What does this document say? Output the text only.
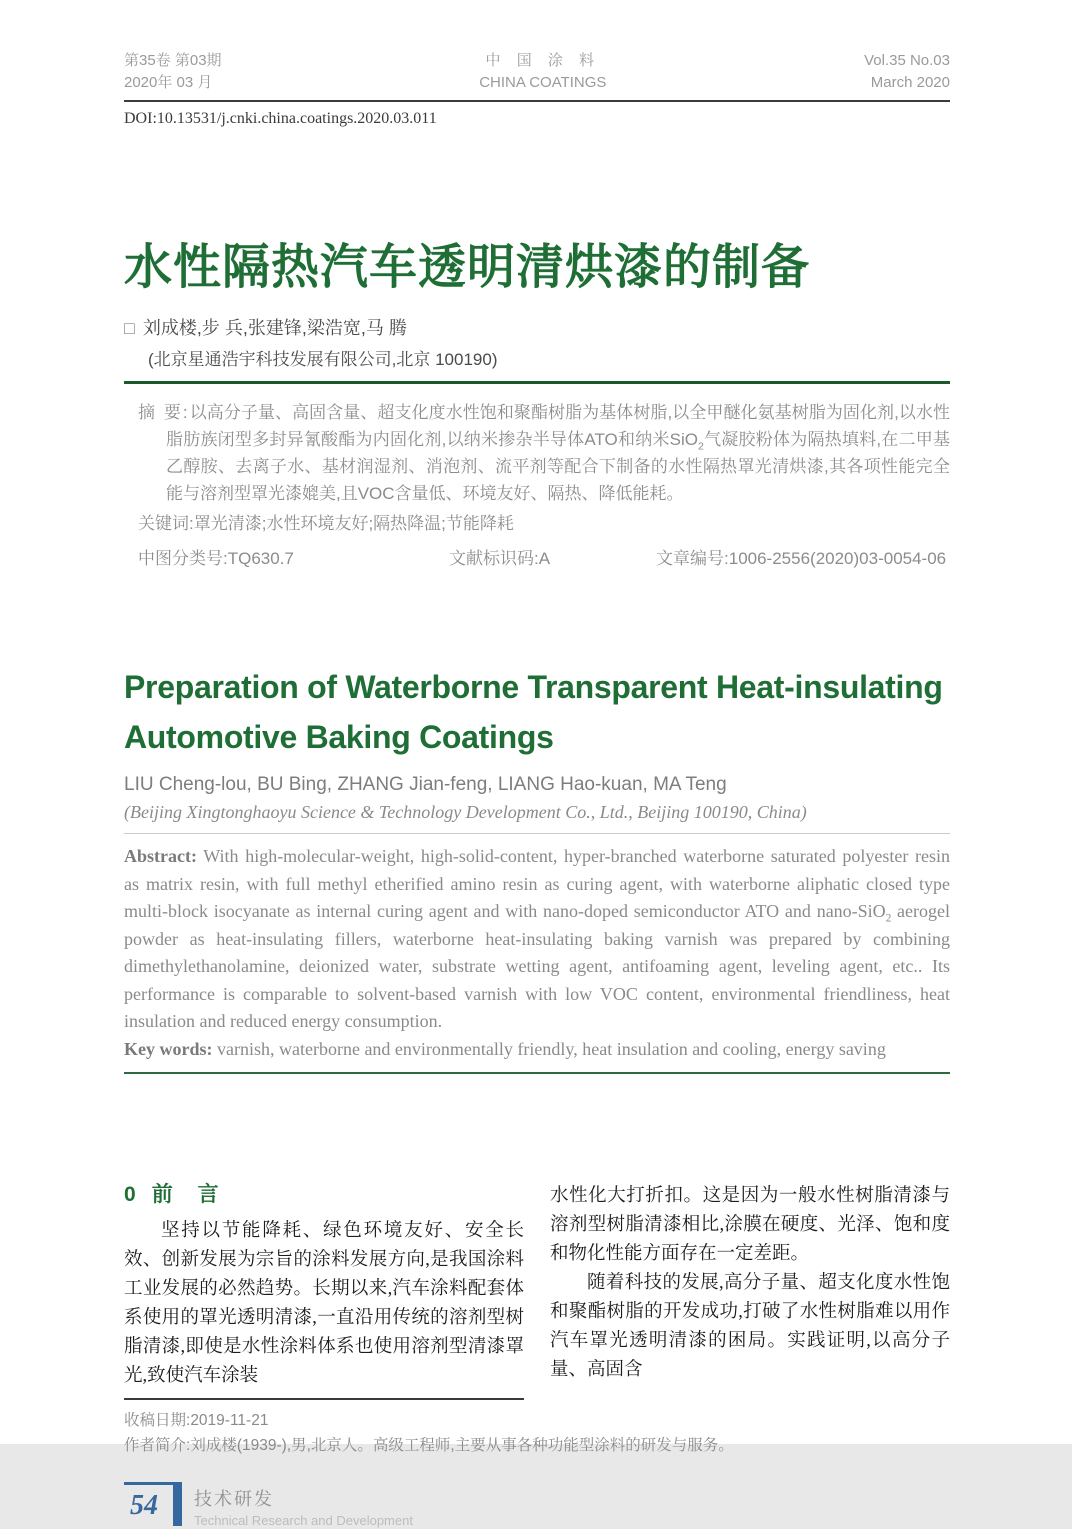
第35卷 第03期
2020年 03 月
中 国 涂 料
CHINA COATINGS
Vol.35 No.03
March 2020
DOI:10.13531/j.cnki.china.coatings.2020.03.011
水性隔热汽车透明清烘漆的制备
□ 刘成楼,步 兵,张建锋,梁浩宽,马 腾
(北京星通浩宇科技发展有限公司,北京 100190)
摘 要:以高分子量、高固含量、超支化度水性饱和聚酯树脂为基体树脂,以全甲醚化氨基树脂为固化剂,以水性脂肪族闭型多封异氰酸酯为内固化剂,以纳米掺杂半导体ATO和纳米SiO$_2$气凝胶粉体为隔热填料,在二甲基乙醇胺、去离子水、基材润湿剂、消泡剂、流平剂等配合下制备的水性隔热罩光清烘漆,其各项性能完全能与溶剂型罩光漆媲美,且VOC含量低、环境友好、隔热、降低能耗。
关键词:罩光清漆;水性环境友好;隔热降温;节能降耗
中图分类号:TQ630.7	文献标识码:A	文章编号:1006-2556(2020)03-0054-06
Preparation of Waterborne Transparent Heat-insulating
Automotive Baking Coatings
LIU Cheng-lou, BU Bing, ZHANG Jian-feng, LIANG Hao-kuan, MA Teng
(Beijing Xingtonghaoyu Science & Technology Development Co., Ltd., Beijing 100190, China)
Abstract: With high-molecular-weight, high-solid-content, hyper-branched waterborne saturated polyester resin as matrix resin, with full methyl etherified amino resin as curing agent, with waterborne aliphatic closed type multi-block isocyanate as internal curing agent and with nano-doped semiconductor ATO and nano-SiO$_2$ aerogel powder as heat-insulating fillers, waterborne heat-insulating baking varnish was prepared by combining dimethylethanolamine, deionized water, substrate wetting agent, antifoaming agent, leveling agent, etc.. Its performance is comparable to solvent-based varnish with low VOC content, environmental friendliness, heat insulation and reduced energy consumption.
Key words: varnish, waterborne and environmentally friendly, heat insulation and cooling, energy saving
0 前　言

坚持以节能降耗、绿色环境友好、安全长效、创新发展为宗旨的涂料发展方向,是我国涂料工业发展的必然趋势。长期以来,汽车涂料配套体系使用的罩光透明清漆,一直沿用传统的溶剂型树脂清漆,即使是水性涂料体系也使用溶剂型清漆罩光,致使汽车涂装

水性化大打折扣。这是因为一般水性树脂清漆与溶剂型树脂清漆相比,涂膜在硬度、光泽、饱和度和物化性能方面存在一定差距。

随着科技的发展,高分子量、超支化度水性饱和聚酯树脂的开发成功,打破了水性树脂难以用作汽车罩光透明清漆的困局。实践证明,以高分子量、高固含

收稿日期:2019-11-21
作者简介:刘成楼(1939-),男,北京人。高级工程师,主要从事各种功能型涂料的研发与服务。
54	技术研发
Technical Research and Development
